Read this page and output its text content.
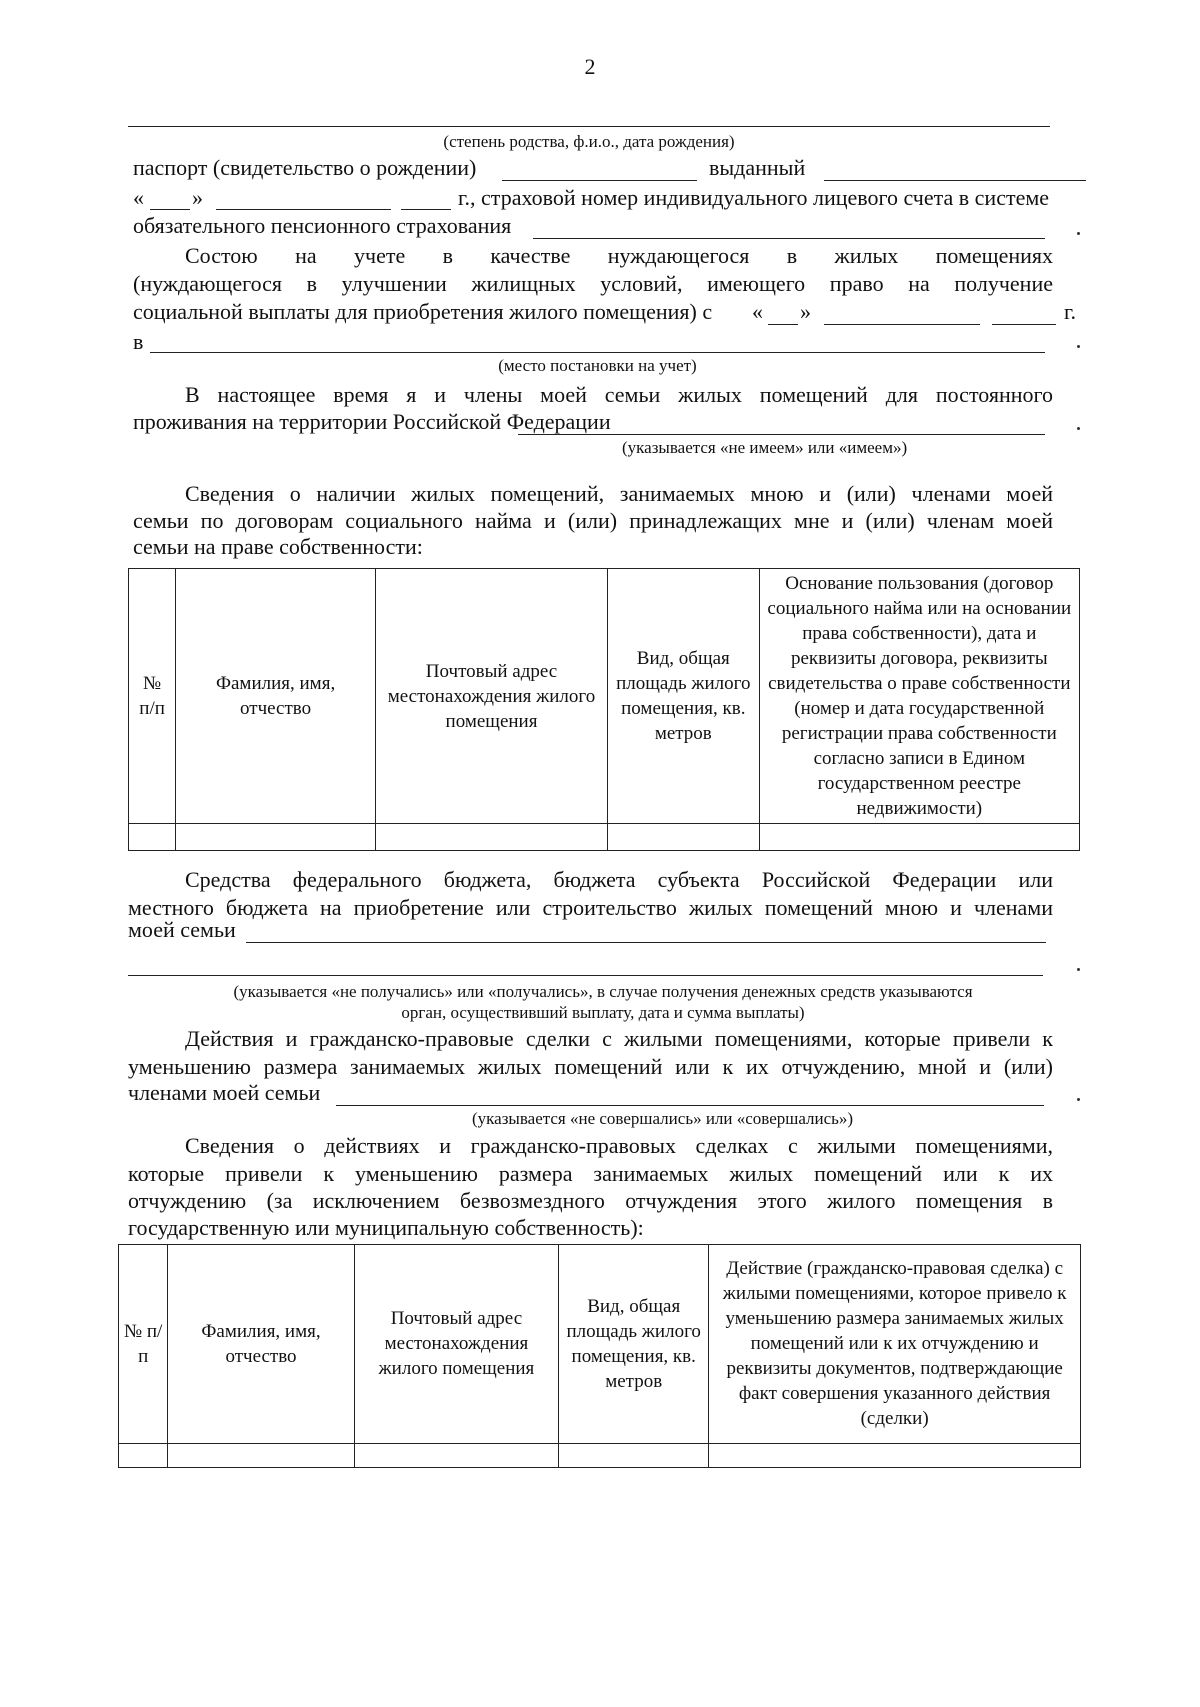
2
(степень родства, ф.и.о., дата рождения)
паспорт (свидетельство о рождении)	выданный
« »	г., страховой номер индивидуального лицевого счета в системе
обязательного пенсионного страхования
Состою на учете в качестве нуждающегося в жилых помещениях
(нуждающегося в улучшении жилищных условий, имеющего право на получение
социальной выплаты для приобретения жилого помещения) с « »	г.
в
(место постановки на учет)
В настоящее время я и члены моей семьи жилых помещений для постоянного
проживания на территории Российской Федерации
(указывается «не имеем» или «имеем»)
Сведения о наличии жилых помещений, занимаемых мною и (или) членами моей
семьи по договорам социального найма и (или) принадлежащих мне и (или) членам моей
семьи на праве собственности:
№ п/п	Фамилия, имя, отчество	Почтовый адрес местонахождения жилого помещения	Вид, общая площадь жилого помещения, кв. метров	Основание пользования (договор социального найма или на основании права собственности), дата и реквизиты договора, реквизиты свидетельства о праве собственности (номер и дата государственной регистрации права собственности согласно записи в Едином государственном реестре недвижимости)

Средства федерального бюджета, бюджета субъекта Российской Федерации или
местного бюджета на приобретение или строительство жилых помещений мною и членами
моей семьи
(указывается «не получались» или «получались», в случае получения денежных средств указываются
орган, осуществивший выплату, дата и сумма выплаты)
Действия и гражданско-правовые сделки с жилыми помещениями, которые привели к
уменьшению размера занимаемых жилых помещений или к их отчуждению, мной и (или)
членами моей семьи
(указывается «не совершались» или «совершались»)
Сведения о действиях и гражданско-правовых сделках с жилыми помещениями,
которые привели к уменьшению размера занимаемых жилых помещений или к их
отчуждению (за исключением безвозмездного отчуждения этого жилого помещения в
государственную или муниципальную собственность):
№ п/п	Фамилия, имя, отчество	Почтовый адрес местонахождения жилого помещения	Вид, общая площадь жилого помещения, кв. метров	Действие (гражданско-правовая сделка) с жилыми помещениями, которое привело к уменьшению размера занимаемых жилых помещений или к их отчуждению и реквизиты документов, подтверждающие факт совершения указанного действия (сделки)
